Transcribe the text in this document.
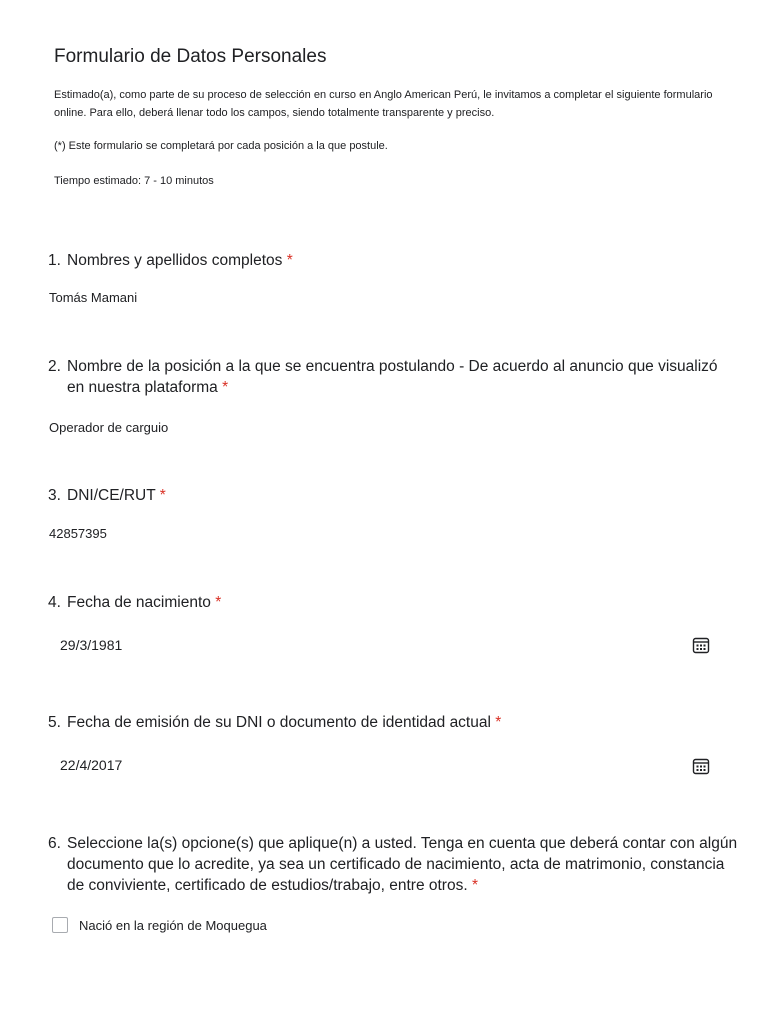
Formulario de Datos Personales
Estimado(a), como parte de su proceso de selección en curso en Anglo American Perú, le invitamos a completar el siguiente formulario online. Para ello, deberá llenar todo los campos, siendo totalmente transparente y preciso.
(*) Este formulario se completará por cada posición a la que postule.
Tiempo estimado: 7 - 10 minutos
1. Nombres y apellidos completos *
Tomás Mamani
2. Nombre de la posición a la que se encuentra postulando - De acuerdo al anuncio que visualizó en nuestra plataforma *
Operador de carguio
3. DNI/CE/RUT *
42857395
4. Fecha de nacimiento *
29/3/1981
5. Fecha de emisión de su DNI o documento de identidad actual *
22/4/2017
6. Seleccione la(s) opcione(s) que aplique(n) a usted. Tenga en cuenta que deberá contar con algún documento que lo acredite, ya sea un certificado de nacimiento, acta de matrimonio, constancia de conviviente, certificado de estudios/trabajo, entre otros. *
Nació en la región de Moquegua
